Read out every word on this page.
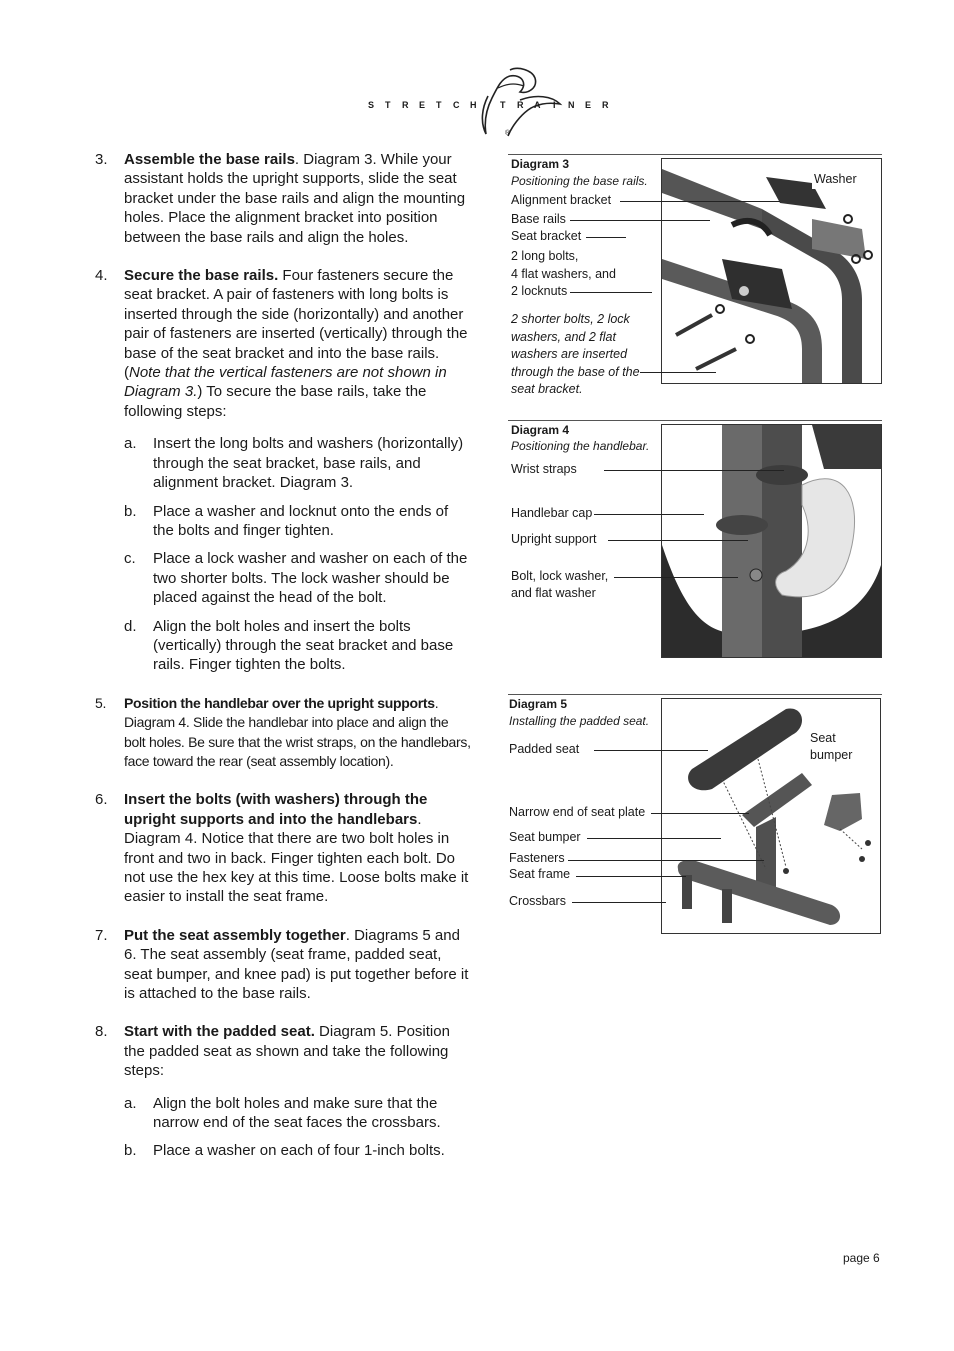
S T R E T C H	T R A I N E R
®
3. Assemble the base rails. Diagram 3. While your assistant holds the upright supports, slide the seat bracket under the base rails and align the mounting holes. Place the alignment bracket into position between the base rails and align the holes.
4. Secure the base rails. Four fasteners secure the seat bracket. A pair of fasteners with long bolts is inserted through the side (horizontally) and another pair of fasteners are inserted (vertically) through the base of the seat bracket and into the base rails. (Note that the vertical fasteners are not shown in Diagram 3.) To secure the base rails, take the following steps:
a. Insert the long bolts and washers (horizontally) through the seat bracket, base rails, and alignment bracket. Diagram 3.
b. Place a washer and locknut onto the ends of the bolts and finger tighten.
c. Place a lock washer and washer on each of the two shorter bolts. The lock washer should be placed against the head of the bolt.
d. Align the bolt holes and insert the bolts (vertically) through the seat bracket and base rails. Finger tighten the bolts.
5. Position the handlebar over the upright supports. Diagram 4. Slide the handlebar into place and align the bolt holes. Be sure that the wrist straps, on the handlebars, face toward the rear (seat assembly location).
6. Insert the bolts (with washers) through the upright supports and into the handlebars. Diagram 4. Notice that there are two bolt holes in front and two in back. Finger tighten each bolt. Do not use the hex key at this time. Loose bolts make it easier to install the seat frame.
7. Put the seat assembly together. Diagrams 5 and 6. The seat assembly (seat frame, padded seat, seat bumper, and knee pad) is put together before it is attached to the base rails.
8. Start with the padded seat. Diagram 5. Position the padded seat as shown and take the following steps:
a. Align the bolt holes and make sure that the narrow end of the seat faces the crossbars.
b. Place a washer on each of four 1-inch bolts.
Diagram 3
Positioning the base rails.
Alignment bracket
Base rails
Seat bracket
2 long bolts,
4 flat washers, and
2 locknuts
2 shorter bolts, 2 lock washers, and 2 flat washers are inserted through the base of the seat bracket.
Washer
Diagram 4
Positioning the handlebar.
Wrist straps
Handlebar cap
Upright support
Bolt, lock washer,
and flat washer
Diagram 5
Installing the padded seat.
Padded seat
Narrow end of seat plate
Seat bumper
Fasteners
Seat frame
Crossbars
Seat
bumper
page 6
